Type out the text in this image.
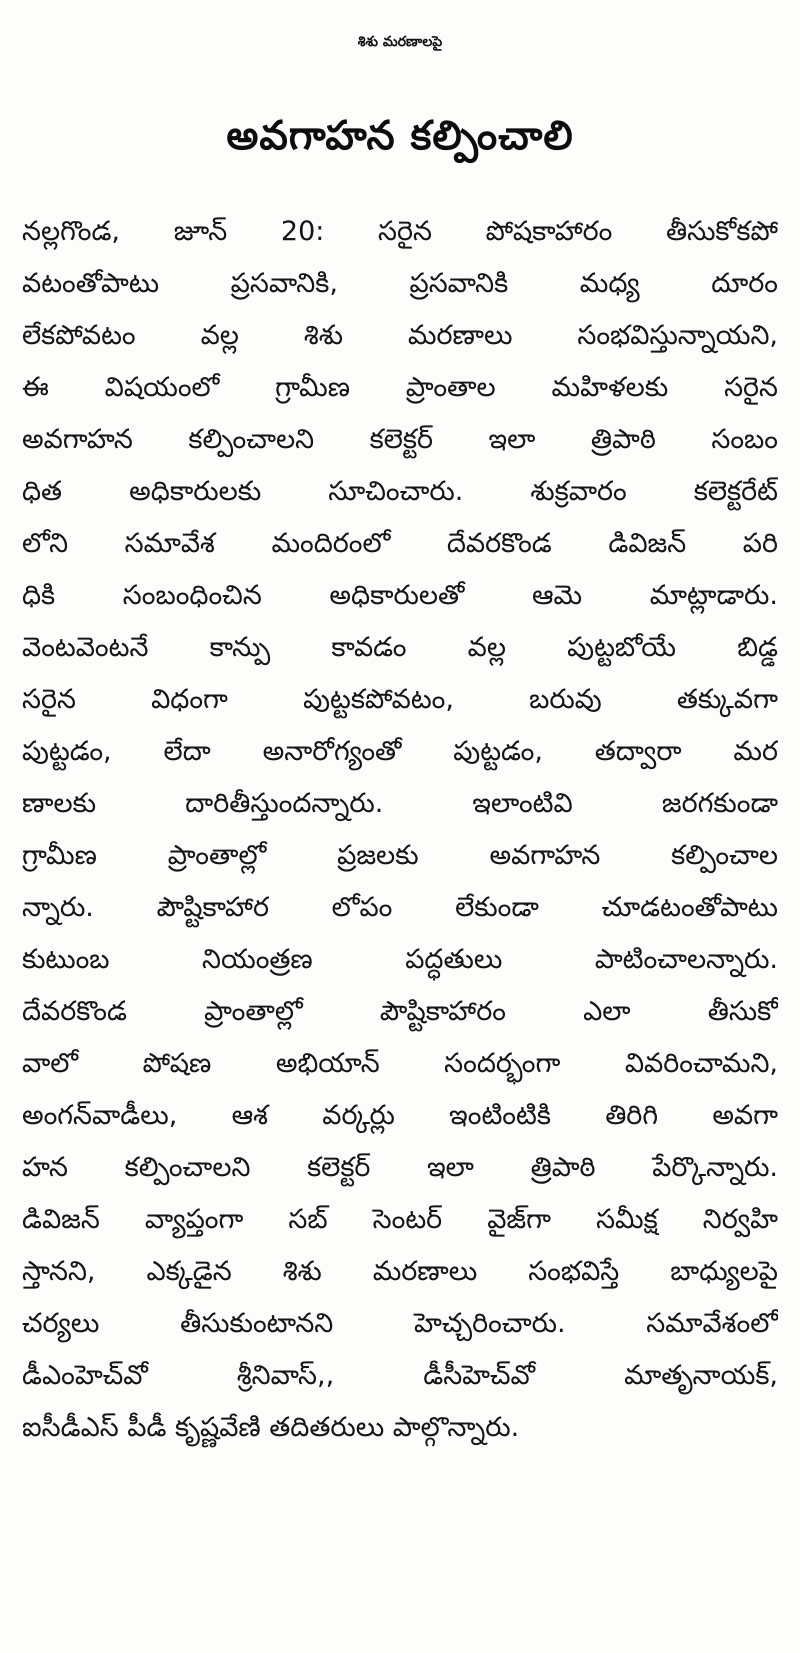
శిశు మరణాలపై
అవగాహన కల్పించాలి
నల్లగొండ, జూన్ 20: సరైన పోషకాహారం తీసుకోకపో
వటంతోపాటు ప్రసవానికి, ప్రసవానికి మధ్య దూరం
లేకపోవటం వల్ల శిశు మరణాలు సంభవిస్తున్నాయని,
ఈ విషయంలో గ్రామీణ ప్రాంతాల మహిళలకు సరైన
అవగాహన కల్పించాలని కలెక్టర్ ఇలా త్రిపాఠి సంబం
ధిత అధికారులకు సూచించారు. శుక్రవారం కలెక్టరేట్
లోని సమావేశ మందిరంలో దేవరకొండ డివిజన్ పరి
ధికి సంబంధించిన అధికారులతో ఆమె మాట్లాడారు.
వెంటవెంటనే కాన్పు కావడం వల్ల పుట్టబోయే బిడ్డ
సరైన విధంగా పుట్టకపోవటం, బరువు తక్కువగా
పుట్టడం, లేదా అనారోగ్యంతో పుట్టడం, తద్వారా మర
ణాలకు దారితీస్తుందన్నారు. ఇలాంటివి జరగకుండా
గ్రామీణ ప్రాంతాల్లో ప్రజలకు అవగాహన కల్పించాల
న్నారు. పౌష్టికాహార లోపం లేకుండా చూడటంతోపాటు
కుటుంబ నియంత్రణ పద్ధతులు పాటించాలన్నారు.
దేవరకొండ ప్రాంతాల్లో పౌష్టికాహారం ఎలా తీసుకో
వాలో పోషణ అభియాన్ సందర్భంగా వివరించామని,
అంగన్‌వాడీలు, ఆశ వర్కర్లు ఇంటింటికి తిరిగి అవగా
హన కల్పించాలని కలెక్టర్ ఇలా త్రిపాఠి పేర్కొన్నారు.
డివిజన్ వ్యాప్తంగా సబ్ సెంటర్ వైజ్‌గా సమీక్ష నిర్వహి
స్తానని, ఎక్కడైన శిశు మరణాలు సంభవిస్తే బాధ్యులపై
చర్యలు తీసుకుంటానని హెచ్చరించారు. సమావేశంలో
డీఎంహెచ్‌వో శ్రీనివాస్,, డీసీహెచ్‌వో మాతృనాయక్,
ఐసీడీఎస్ పీడీ కృష్ణవేణి తదితరులు పాల్గొన్నారు.
